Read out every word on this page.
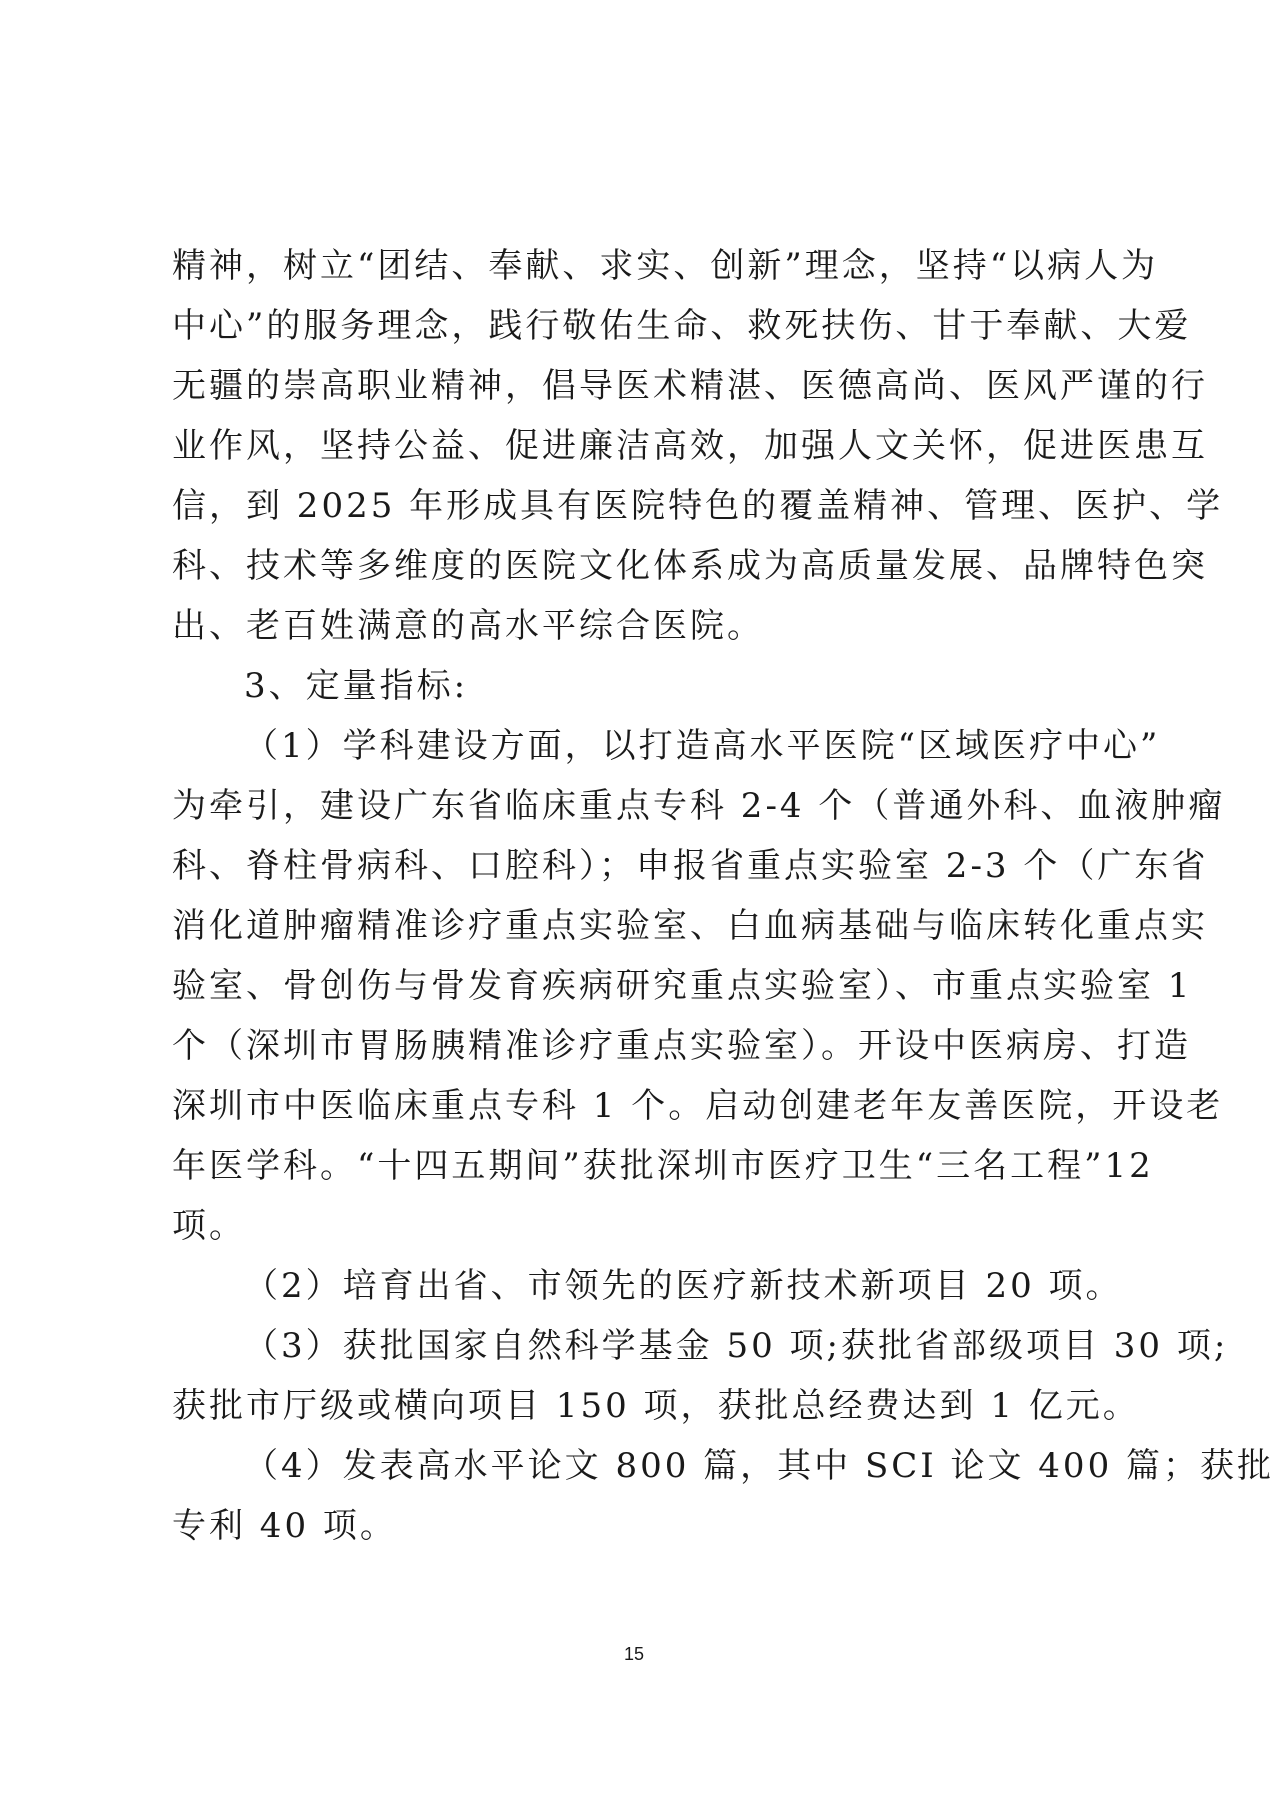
精神，树立“团结、奉献、求实、创新”理念，坚持“以病人为
中心”的服务理念，践行敬佑生命、救死扶伤、甘于奉献、大爱
无疆的崇高职业精神，倡导医术精湛、医德高尚、医风严谨的行
业作风，坚持公益、促进廉洁高效，加强人文关怀，促进医患互
信，到 2025 年形成具有医院特色的覆盖精神、管理、医护、学
科、技术等多维度的医院文化体系成为高质量发展、品牌特色突
出、老百姓满意的高水平综合医院。
3、定量指标:
（1）学科建设方面，以打造高水平医院“区域医疗中心”
为牵引，建设广东省临床重点专科 2-4 个（普通外科、血液肿瘤
科、脊柱骨病科、口腔科）；申报省重点实验室 2-3 个（广东省
消化道肿瘤精准诊疗重点实验室、白血病基础与临床转化重点实
验室、骨创伤与骨发育疾病研究重点实验室）、市重点实验室 1
个（深圳市胃肠胰精准诊疗重点实验室）。开设中医病房、打造
深圳市中医临床重点专科 1 个。启动创建老年友善医院，开设老
年医学科。“十四五期间”获批深圳市医疗卫生“三名工程”12
项。
（2）培育出省、市领先的医疗新技术新项目 20 项。
（3）获批国家自然科学基金 50 项;获批省部级项目 30 项;
获批市厅级或横向项目 150 项，获批总经费达到 1 亿元。
（4）发表高水平论文 800 篇，其中 SCI 论文 400 篇；获批
专利 40 项。
15
